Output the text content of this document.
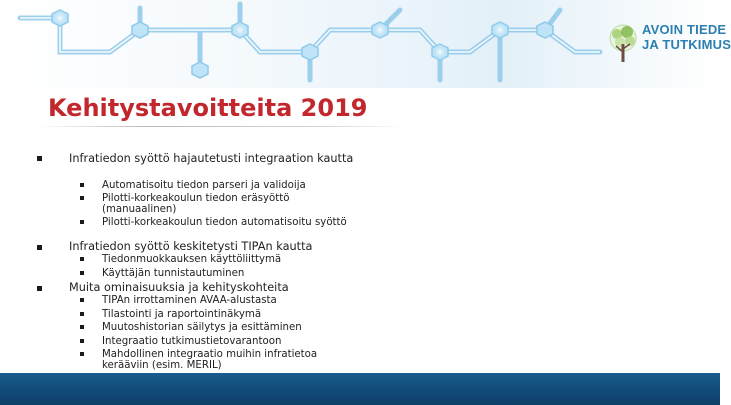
AVOIN TIEDE
JA TUTKIMUS
Kehitystavoitteita 2019
Infratiedon syöttö hajautetusti integraation kautta
Automatisoitu tiedon parseri ja validoija
Pilotti-korkeakoulun tiedon eräsyöttö (manuaalinen)
Pilotti-korkeakoulun tiedon automatisoitu syöttö
Infratiedon syöttö keskitetysti TIPAn kautta
Tiedonmuokkauksen käyttöliittymä
Käyttäjän tunnistautuminen
Muita ominaisuuksia ja kehityskohteita
TIPAn irrottaminen AVAA-alustasta
Tilastointi ja raportointinäkymä
Muutoshistorian säilytys ja esittäminen
Integraatio tutkimustietovarantoon
Mahdollinen integraatio muihin infratietoa kerääviin (esim. MERIL)
